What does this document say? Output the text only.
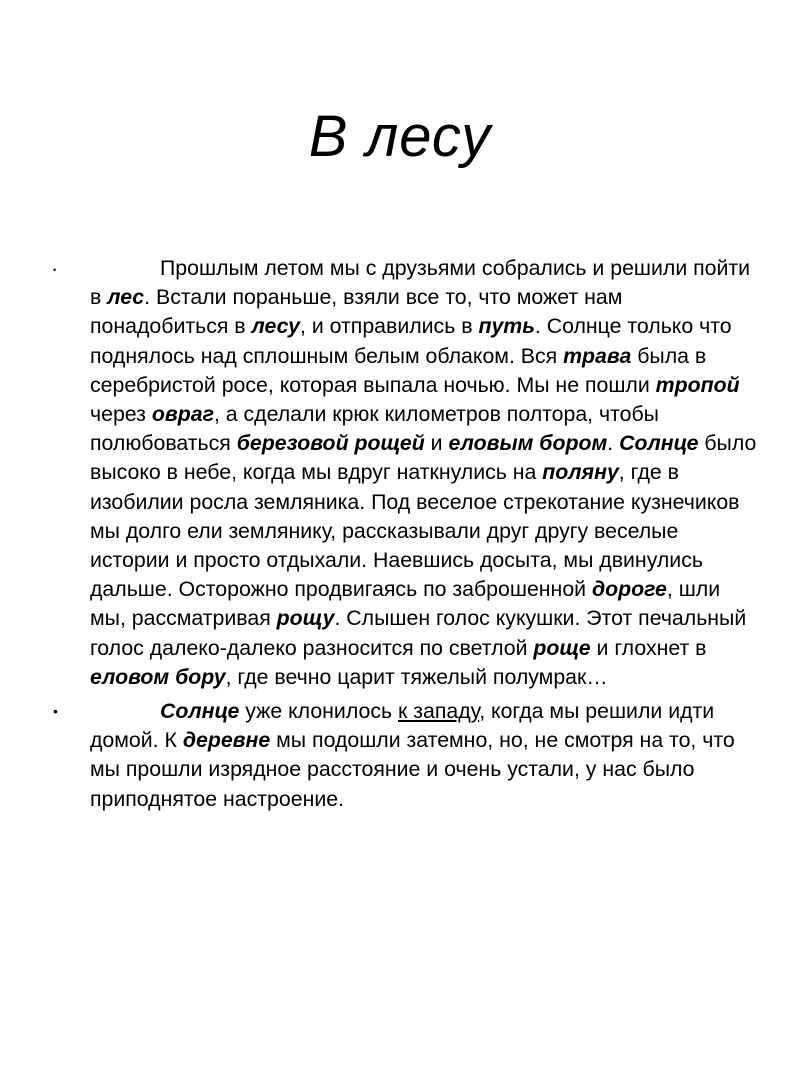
В лесу
•	Прошлым летом мы с друзьями собрались и решили пойти в лес. Встали пораньше, взяли все то, что может нам понадобиться в лесу, и отправились в путь. Солнце только что поднялось над сплошным белым облаком. Вся трава была в серебристой росе, которая выпала ночью. Мы не пошли тропой через овраг, а сделали крюк километров полтора, чтобы полюбоваться березовой рощей и еловым бором. Солнце было высоко в небе, когда мы вдруг наткнулись на поляну, где в изобилии росла земляника. Под веселое стрекотание кузнечиков мы долго ели землянику, рассказывали друг другу веселые истории и просто отдыхали. Наевшись досыта, мы двинулись дальше. Осторожно продвигаясь по заброшенной дороге, шли мы, рассматривая рощу. Слышен голос кукушки. Этот печальный голос далеко-далеко разносится по светлой роще и глохнет в еловом бору, где вечно царит тяжелый полумрак…
•	Солнце уже клонилось к западу, когда мы решили идти домой. К деревне мы подошли затемно, но, не смотря на то, что мы прошли изрядное расстояние и очень устали, у нас было приподнятое настроение.
